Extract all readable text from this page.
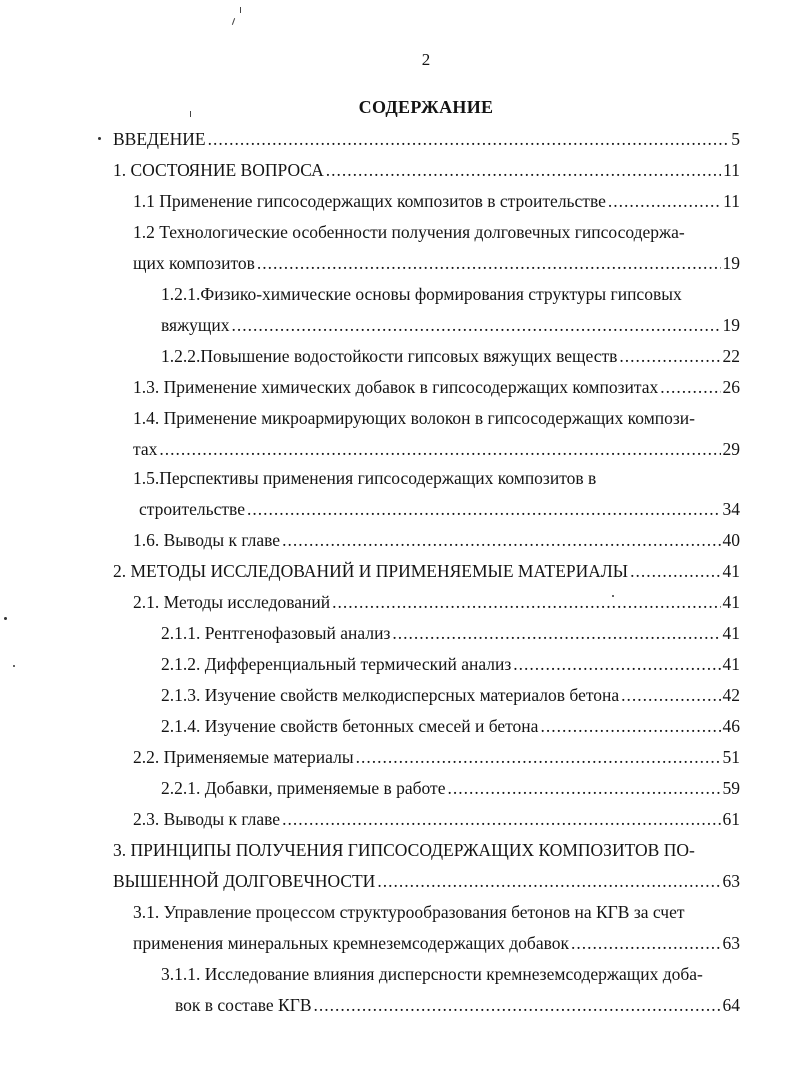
2
СОДЕРЖАНИЕ
ВВЕДЕНИЕ .....	5
1. СОСТОЯНИЕ ВОПРОСА .....	11
1.1 Применение гипсосодержащих композитов в строительстве .....	11
1.2 Технологические особенности получения долговечных гипсосодержа-
щих композитов .....	19
1.2.1.Физико-химические основы формирования структуры гипсовых
вяжущих .....	19
1.2.2.Повышение водостойкости гипсовых вяжущих веществ .....	22
1.3. Применение химических добавок в гипсосодержащих композитах .....	26
1.4. Применение микроармирующих волокон в гипсосодержащих компози-
тах .....	29
1.5.Перспективы применения гипсосодержащих композитов в
строительстве .....	34
1.6. Выводы к главе .....	40
2. МЕТОДЫ ИССЛЕДОВАНИЙ И ПРИМЕНЯЕМЫЕ МАТЕРИАЛЫ .....	41
2.1. Методы исследований .....	41
2.1.1. Рентгенофазовый анализ .....	41
2.1.2. Дифференциальный термический анализ .....	41
2.1.3. Изучение свойств мелкодисперсных материалов бетона .....	42
2.1.4. Изучение свойств бетонных смесей и бетона .....	46
2.2. Применяемые материалы .....	51
2.2.1. Добавки, применяемые в работе .....	59
2.3. Выводы к главе .....	61
3. ПРИНЦИПЫ ПОЛУЧЕНИЯ ГИПСОСОДЕРЖАЩИХ КОМПОЗИТОВ ПО-
ВЫШЕННОЙ ДОЛГОВЕЧНОСТИ .....	63
3.1. Управление процессом структурообразования бетонов на КГВ за счет
применения минеральных кремнеземсодержащих добавок .....	63
3.1.1. Исследование влияния дисперсности кремнеземсодержащих доба-
вок в составе КГВ .....	64
